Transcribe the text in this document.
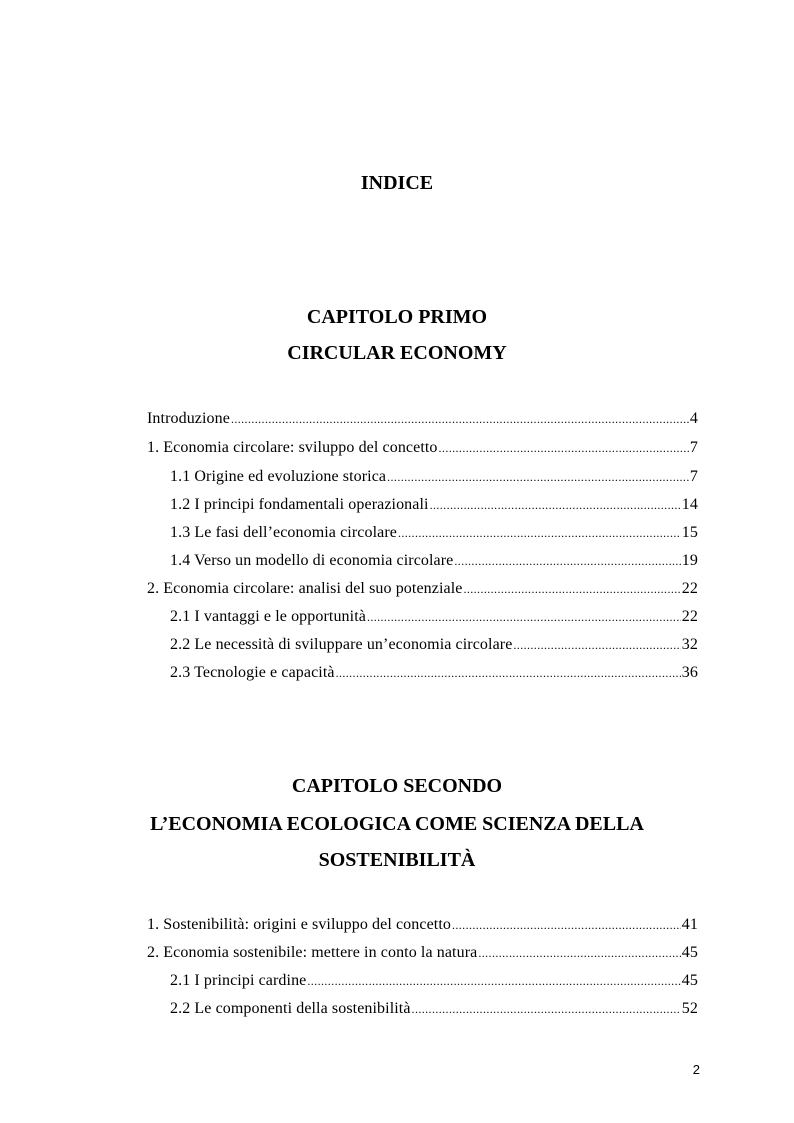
INDICE
CAPITOLO PRIMO
CIRCULAR ECONOMY
Introduzione .....	4
1. Economia circolare: sviluppo del concetto .....	7
1.1 Origine ed evoluzione storica .....	7
1.2 I principi fondamentali operazionali .....	14
1.3 Le fasi dell’economia circolare .....	15
1.4 Verso un modello di economia circolare .....	19
2. Economia circolare: analisi del suo potenziale .....	22
2.1 I vantaggi e le opportunità .....	22
2.2 Le necessità di sviluppare un’economia circolare .....	32
2.3 Tecnologie e capacità .....	36
CAPITOLO SECONDO
L’ECONOMIA ECOLOGICA COME SCIENZA DELLA
SOSTENIBILITÀ
1. Sostenibilità: origini e sviluppo del concetto .....	41
2. Economia sostenibile: mettere in conto la natura .....	45
2.1 I principi cardine .....	45
2.2 Le componenti della sostenibilità .....	52
2
